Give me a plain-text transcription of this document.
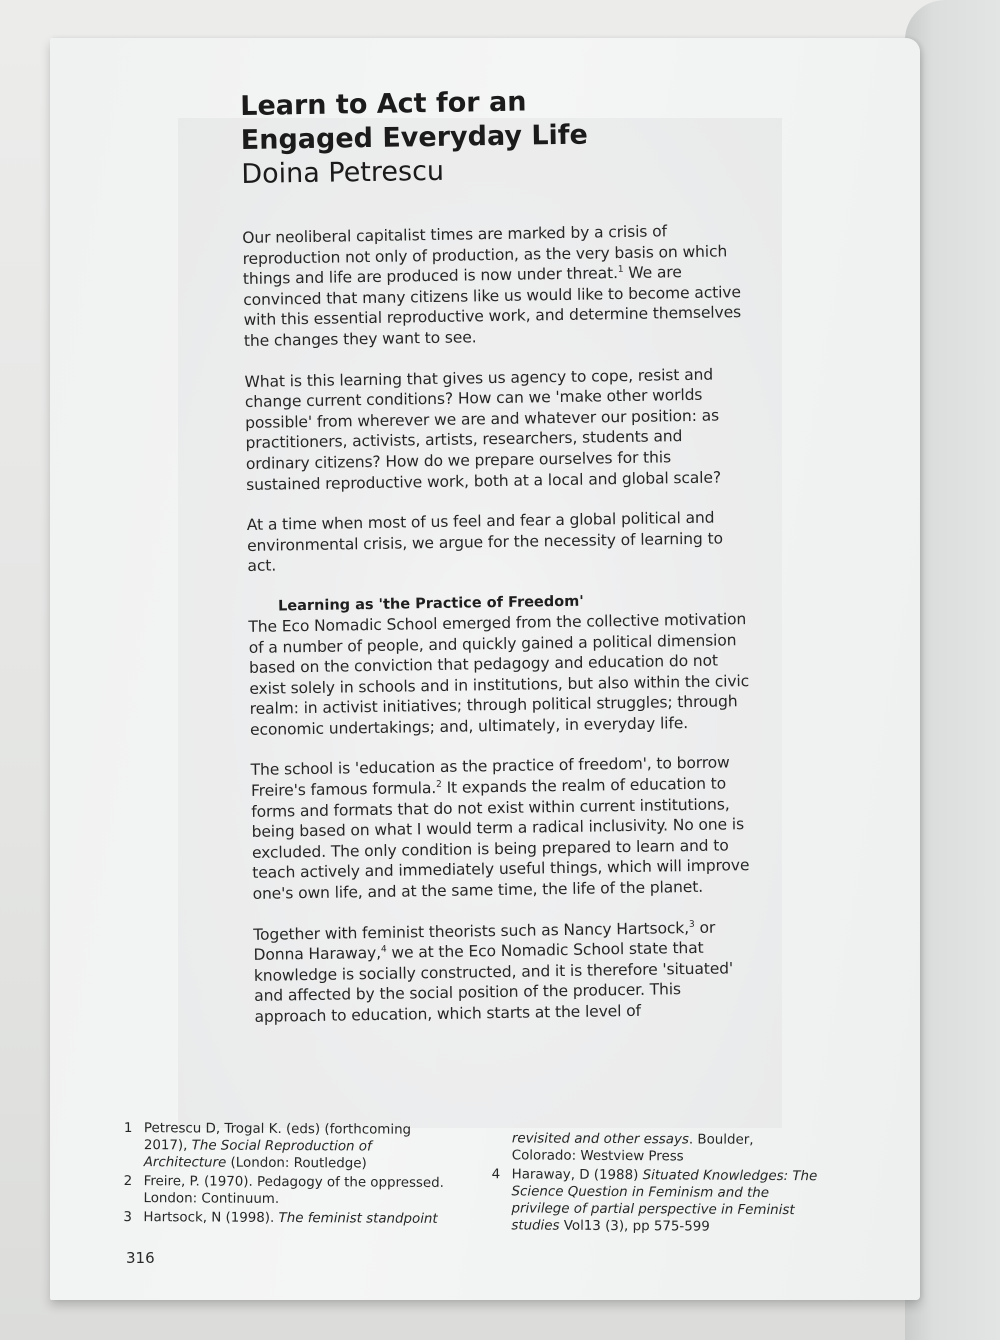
Learn to Act for an
Engaged Everyday Life
Doina Petrescu

Our neoliberal capitalist times are marked by a crisis of reproduction not only of production, as the very basis on which things and life are produced is now under threat.$^1$ We are convinced that many citizens like us would like to become active with this essential reproductive work, and determine themselves the changes they want to see.

What is this learning that gives us agency to cope, resist and change current conditions? How can we 'make other worlds possible' from wherever we are and whatever our position: as practitioners, activists, artists, researchers, students and ordinary citizens? How do we prepare ourselves for this sustained reproductive work, both at a local and global scale?

At a time when most of us feel and fear a global political and environmental crisis, we argue for the necessity of learning to act.

Learning as 'the Practice of Freedom'

The Eco Nomadic School emerged from the collective motivation of a number of people, and quickly gained a political dimension based on the conviction that pedagogy and education do not exist solely in schools and in institutions, but also within the civic realm: in activist initiatives; through political struggles; through economic undertakings; and, ultimately, in everyday life.

The school is 'education as the practice of freedom', to borrow Freire's famous formula.$^2$ It expands the realm of education to forms and formats that do not exist within current institutions, being based on what I would term a radical inclusivity. No one is excluded. The only condition is being prepared to learn and to teach actively and immediately useful things, which will improve one's own life, and at the same time, the life of the planet.

Together with feminist theorists such as Nancy Hartsock,$^3$ or Donna Haraway,$^4$ we at the Eco Nomadic School state that knowledge is socially constructed, and it is therefore 'situated' and affected by the social position of the producer. This approach to education, which starts at the level of

1 Petrescu D, Trogal K. (eds) (forthcoming 2017), The Social Reproduction of Architecture (London: Routledge)
2 Freire, P. (1970). Pedagogy of the oppressed. London: Continuum.
3 Hartsock, N (1998). The feminist standpoint
revisited and other essays. Boulder, Colorado: Westview Press
4 Haraway, D (1988) Situated Knowledges: The Science Question in Feminism and the privilege of partial perspective in Feminist studies Vol13 (3), pp 575-599
316
